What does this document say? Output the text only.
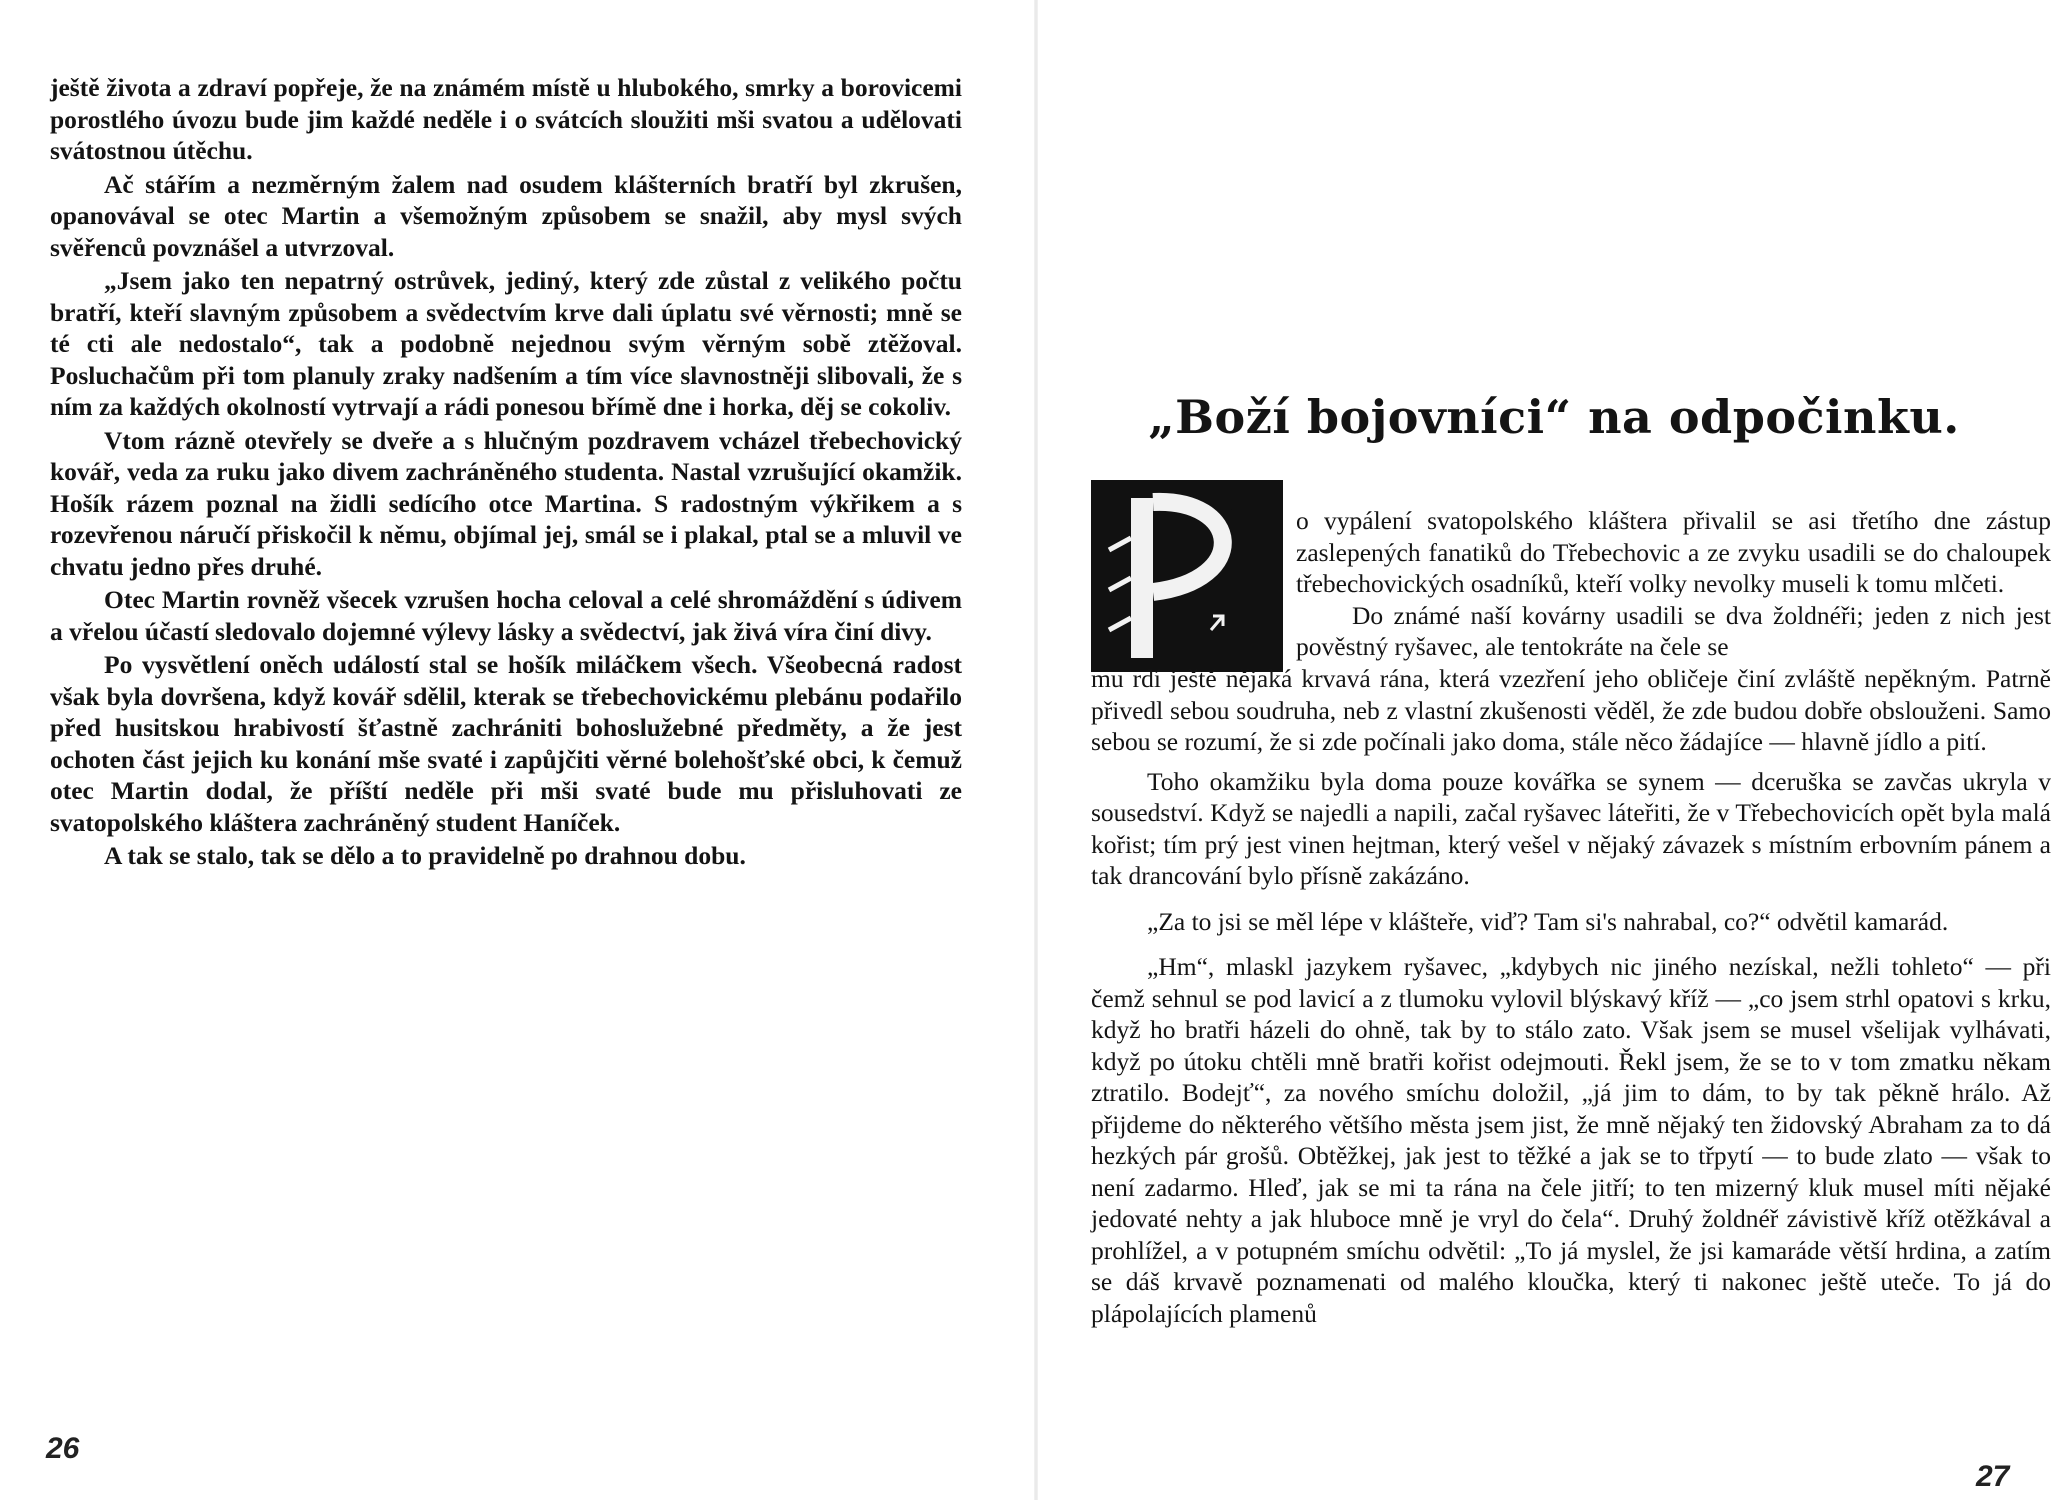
ještě života a zdraví popřeje, že na známém místě u hlubokého, smrky a borovicemi porostlého úvozu bude jim každé neděle i o svátcích sloužiti mši svatou a udělovati svátostnou útěchu.

Ač stářím a nezměrným žalem nad osudem klášterních bratří byl zkrušen, opanovával se otec Martin a všemožným způsobem se snažil, aby mysl svých svěřenců povznášel a utvrzoval.

„Jsem jako ten nepatrný ostrůvek, jediný, který zde zůstal z velikého počtu bratří, kteří slavným způsobem a svědectvím krve dali úplatu své věrnosti; mně se té cti ale nedostalo“, tak a podobně nejednou svým věrným sobě ztěžoval. Posluchačům při tom planuly zraky nadšením a tím více slavnostněji slibovali, že s ním za každých okolností vytrvají a rádi ponesou břímě dne i horka, děj se cokoliv.

Vtom rázně otevřely se dveře a s hlučným pozdravem vcházel třebechovický kovář, veda za ruku jako divem zachráněného studenta. Nastal vzrušující okamžik. Hošík rázem poznal na židli sedícího otce Martina. S radostným výkřikem a s rozevřenou náručí přiskočil k němu, objímal jej, smál se i plakal, ptal se a mluvil ve chvatu jedno přes druhé.

Otec Martin rovněž všecek vzrušen hocha celoval a celé shromáždění s údivem a vřelou účastí sledovalo dojemné výlevy lásky a svědectví, jak živá víra činí divy.

Po vysvětlení oněch událostí stal se hošík miláčkem všech. Všeobecná radost však byla dovršena, když kovář sdělil, kterak se třebechovickému plebánu podařilo před husitskou hrabivostí šťastně zachrániti bohoslužebné předměty, a že jest ochoten část jejich ku konání mše svaté i zapůjčiti věrné bolehošťské obci, k čemuž otec Martin dodal, že příští neděle při mši svaté bude mu přisluhovati ze svatopolského kláštera zachráněný student Haníček.

A tak se stalo, tak se dělo a to pravidelně po drahnou dobu.

26
„Boží bojovníci“ na odpočinku.
P	o vypálení svatopolského kláštera přivalil se asi třetího dne zástup zaslepených fanatiků do Třebechovic a ze zvyku usadili se do chaloupek třebechovických osadníků, kteří volky nevolky museli k tomu mlčeti.

Do známé naší kovárny usadili se dva žoldnéři; jeden z nich jest pověstný ryšavec, ale tentokráte na čele se

mu rdí ještě nějaká krvavá rána, která vzezření jeho obličeje činí zvláště nepěkným. Patrně přivedl sebou soudruha, neb z vlastní zkušenosti věděl, že zde budou dobře obslouženi. Samo sebou se rozumí, že si zde počínali jako doma, stále něco žádajíce — hlavně jídlo a pití.

Toho okamžiku byla doma pouze kovářka se synem — dceruška se zavčas ukryla v sousedství. Když se najedli a napili, začal ryšavec láteřiti, že v Třebechovicích opět byla malá kořist; tím prý jest vinen hejtman, který vešel v nějaký závazek s místním erbovním pánem a tak drancování bylo přísně zakázáno.

„Za to jsi se měl lépe v klášteře, viď? Tam si's nahrabal, co?“ odvětil kamarád.

„Hm“, mlaskl jazykem ryšavec, „kdybych nic jiného nezískal, nežli tohleto“ — při čemž sehnul se pod lavicí a z tlumoku vylovil blýskavý kříž — „co jsem strhl opatovi s krku, když ho bratři házeli do ohně, tak by to stálo zato. Však jsem se musel všelijak vylhávati, když po útoku chtěli mně bratři kořist odejmouti. Řekl jsem, že se to v tom zmatku někam ztratilo. Bodejť“, za nového smíchu doložil, „já jim to dám, to by tak pěkně hrálo. Až přijdeme do některého většího města jsem jist, že mně nějaký ten židovský Abraham za to dá hezkých pár grošů. Obtěžkej, jak jest to těžké a jak se to třpytí — to bude zlato — však to není zadarmo. Hleď, jak se mi ta rána na čele jitří; to ten mizerný kluk musel míti nějaké jedovaté nehty a jak hluboce mně je vryl do čela“. Druhý žoldnéř závistivě kříž otěžkával a prohlížel, a v potupném smíchu odvětil: „To já myslel, že jsi kamaráde větší hrdina, a zatím se dáš krvavě poznamenati od malého kloučka, který ti nakonec ještě uteče. To já do plápolajících plamenů

27
